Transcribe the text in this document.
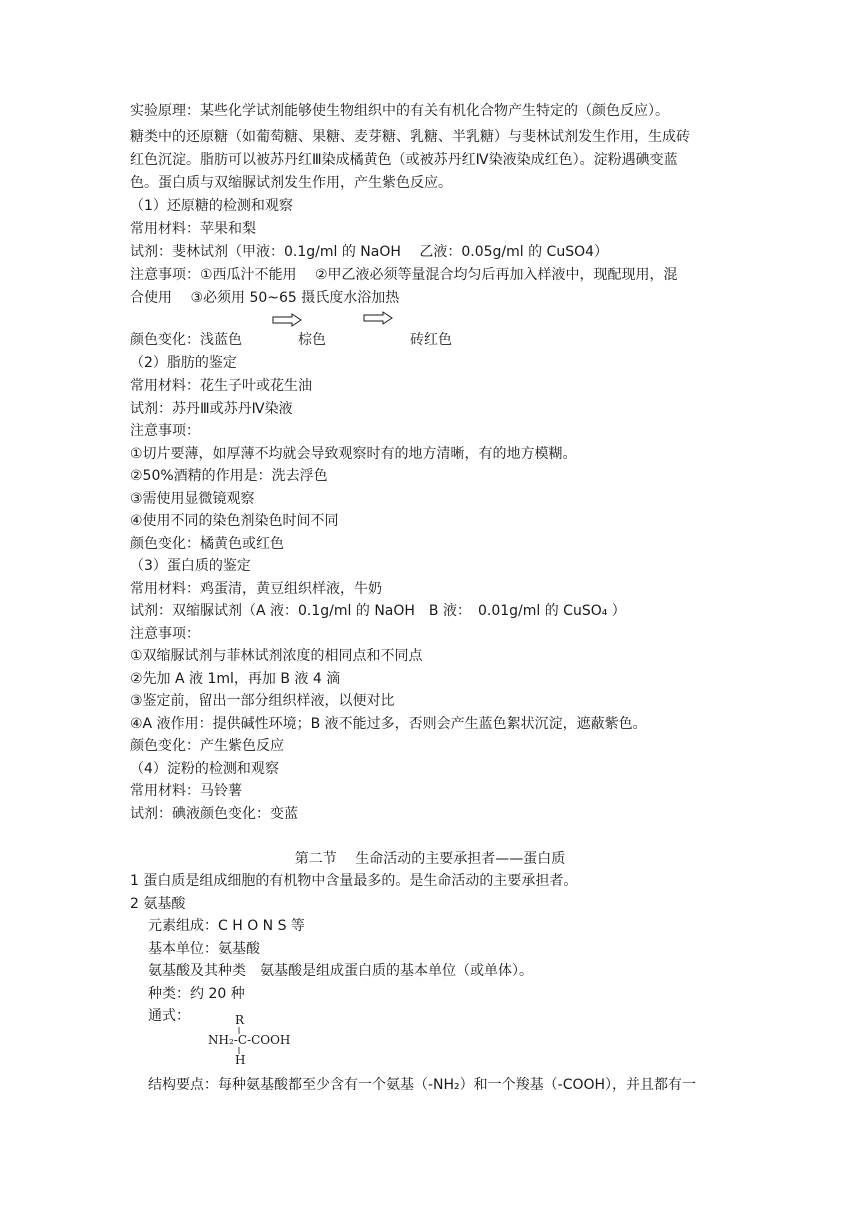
实验原理：某些化学试剂能够使生物组织中的有关有机化合物产生特定的（颜色反应）。
糖类中的还原糖（如葡萄糖、果糖、麦芽糖、乳糖、半乳糖）与斐林试剂发生作用，生成砖
红色沉淀。脂肪可以被苏丹红Ⅲ染成橘黄色（或被苏丹红Ⅳ染液染成红色）。淀粉遇碘变蓝
色。蛋白质与双缩脲试剂发生作用，产生紫色反应。
（1）还原糖的检测和观察
常用材料：苹果和梨
试剂：斐林试剂（甲液：0.1g/ml 的 NaOH　 乙液：0.05g/ml 的 CuSO4）
注意事项：①西瓜汁不能用　 ②甲乙液必须等量混合均匀后再加入样液中，现配现用，混
合使用　 ③必须用 50~65 摄氏度水浴加热
颜色变化：浅蓝色　　　　棕色　　　　　　砖红色
（2）脂肪的鉴定
常用材料：花生子叶或花生油
试剂：苏丹Ⅲ或苏丹Ⅳ染液
注意事项：
①切片要薄，如厚薄不均就会导致观察时有的地方清晰，有的地方模糊。
②50%酒精的作用是：洗去浮色
③需使用显微镜观察
④使用不同的染色剂染色时间不同
颜色变化：橘黄色或红色
（3）蛋白质的鉴定
常用材料：鸡蛋清，黄豆组织样液，牛奶
试剂：双缩脲试剂（A 液：0.1g/ml 的 NaOH　B 液：　0.01g/ml 的 CuSO₄ ）
注意事项：
①双缩脲试剂与菲林试剂浓度的相同点和不同点
②先加 A 液 1ml，再加 B 液 4 滴
③鉴定前，留出一部分组织样液，以便对比
④A 液作用：提供碱性环境；B 液不能过多，否则会产生蓝色絮状沉淀，遮蔽紫色。
颜色变化：产生紫色反应
（4）淀粉的检测和观察
常用材料：马铃薯
试剂：碘液颜色变化：变蓝
第二节　 生命活动的主要承担者——蛋白质
1 蛋白质是组成细胞的有机物中含量最多的。是生命活动的主要承担者。
2 氨基酸
元素组成：C H O N S 等
基本单位：氨基酸
氨基酸及其种类　氨基酸是组成蛋白质的基本单位（或单体）。
种类：约 20 种
通式：	R
NH₂-C-COOH
H
结构要点：每种氨基酸都至少含有一个氨基（-NH₂）和一个羧基（-COOH），并且都有一
